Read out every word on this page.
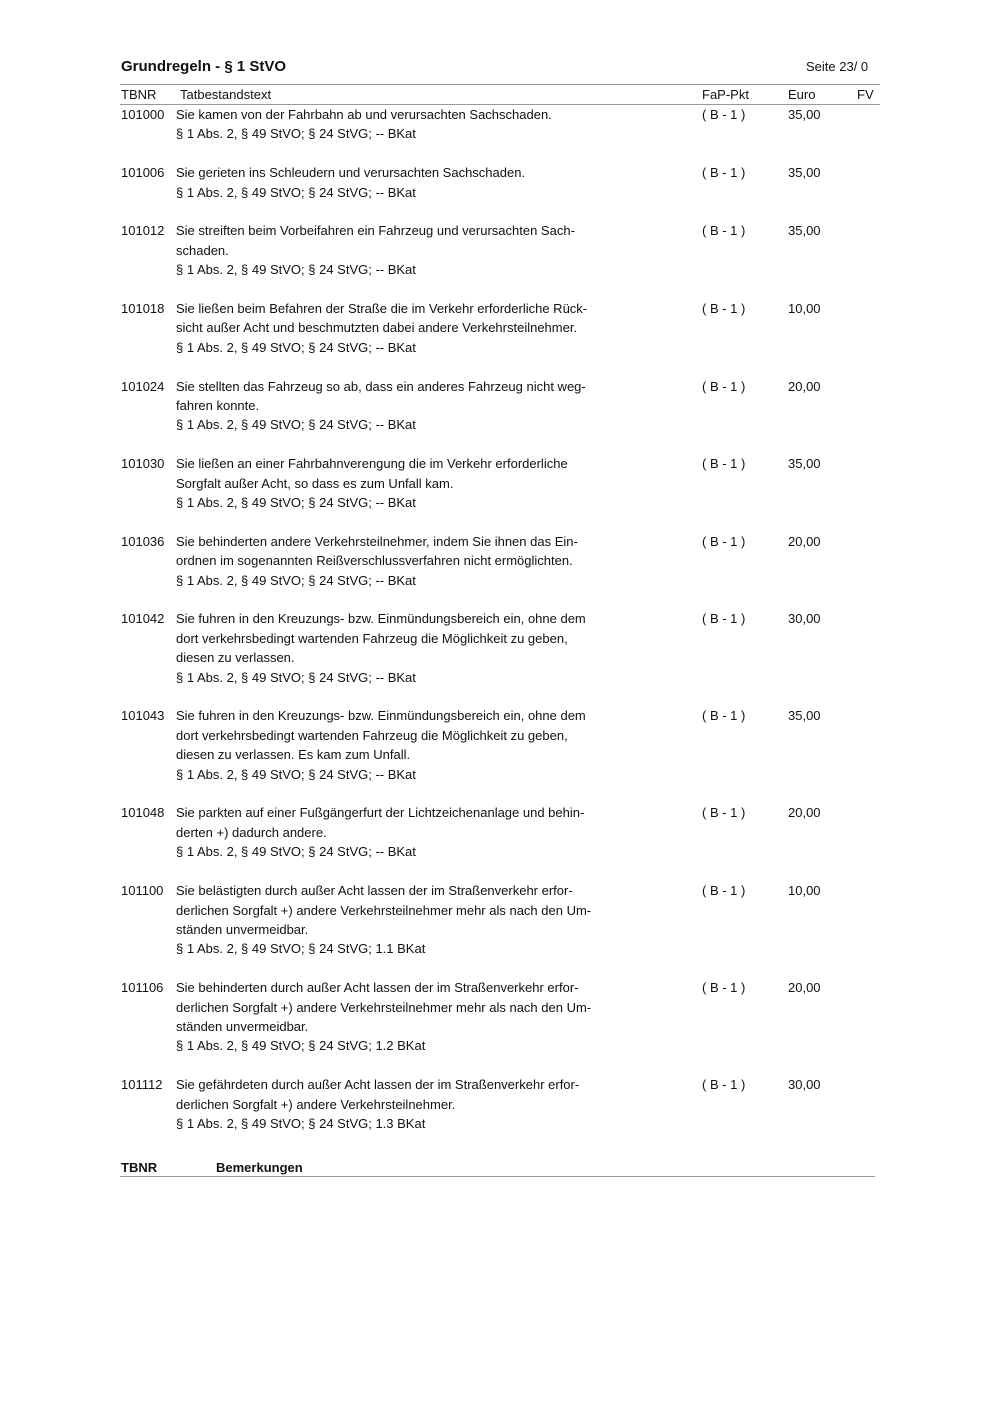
Grundregeln - § 1 StVO	Seite 23/ 0
TBNR Tatbestandstext	FaP-Pkt	Euro	FV
101000 Sie kamen von der Fahrbahn ab und verursachten Sachschaden.
§ 1 Abs. 2, § 49 StVO; § 24 StVG; -- BKat
( B - 1 )	35,00
101006 Sie gerieten ins Schleudern und verursachten Sachschaden.
§ 1 Abs. 2, § 49 StVO; § 24 StVG; -- BKat
( B - 1 )	35,00
101012 Sie streiften beim Vorbeifahren ein Fahrzeug und verursachten Sach-
schaden.
§ 1 Abs. 2, § 49 StVO; § 24 StVG; -- BKat
( B - 1 )	35,00
101018 Sie ließen beim Befahren der Straße die im Verkehr erforderliche Rück-
sicht außer Acht und beschmutzten dabei andere Verkehrsteilnehmer.
§ 1 Abs. 2, § 49 StVO; § 24 StVG; -- BKat
( B - 1 )	10,00
101024 Sie stellten das Fahrzeug so ab, dass ein anderes Fahrzeug nicht weg-
fahren konnte.
§ 1 Abs. 2, § 49 StVO; § 24 StVG; -- BKat
( B - 1 )	20,00
101030 Sie ließen an einer Fahrbahnverengung die im Verkehr erforderliche
Sorgfalt außer Acht, so dass es zum Unfall kam.
§ 1 Abs. 2, § 49 StVO; § 24 StVG; -- BKat
( B - 1 )	35,00
101036 Sie behinderten andere Verkehrsteilnehmer, indem Sie ihnen das Ein-
ordnen im sogenannten Reißverschlussverfahren nicht ermöglichten.
§ 1 Abs. 2, § 49 StVO; § 24 StVG; -- BKat
( B - 1 )	20,00
101042 Sie fuhren in den Kreuzungs- bzw. Einmündungsbereich ein, ohne dem
dort verkehrsbedingt wartenden Fahrzeug die Möglichkeit zu geben,
diesen zu verlassen.
§ 1 Abs. 2, § 49 StVO; § 24 StVG; -- BKat
( B - 1 )	30,00
101043 Sie fuhren in den Kreuzungs- bzw. Einmündungsbereich ein, ohne dem
dort verkehrsbedingt wartenden Fahrzeug die Möglichkeit zu geben,
diesen zu verlassen. Es kam zum Unfall.
§ 1 Abs. 2, § 49 StVO; § 24 StVG; -- BKat
( B - 1 )	35,00
101048 Sie parkten auf einer Fußgängerfurt der Lichtzeichenanlage und behin-
derten +) dadurch andere.
§ 1 Abs. 2, § 49 StVO; § 24 StVG; -- BKat
( B - 1 )	20,00
101100 Sie belästigten durch außer Acht lassen der im Straßenverkehr erfor-
derlichen Sorgfalt +) andere Verkehrsteilnehmer mehr als nach den Um-
ständen unvermeidbar.
§ 1 Abs. 2, § 49 StVO; § 24 StVG; 1.1 BKat
( B - 1 )	10,00
101106 Sie behinderten durch außer Acht lassen der im Straßenverkehr erfor-
derlichen Sorgfalt +) andere Verkehrsteilnehmer mehr als nach den Um-
ständen unvermeidbar.
§ 1 Abs. 2, § 49 StVO; § 24 StVG; 1.2 BKat
( B - 1 )	20,00
101112 Sie gefährdeten durch außer Acht lassen der im Straßenverkehr erfor-
derlichen Sorgfalt +) andere Verkehrsteilnehmer.
§ 1 Abs. 2, § 49 StVO; § 24 StVG; 1.3 BKat
( B - 1 )	30,00
TBNR	Bemerkungen
